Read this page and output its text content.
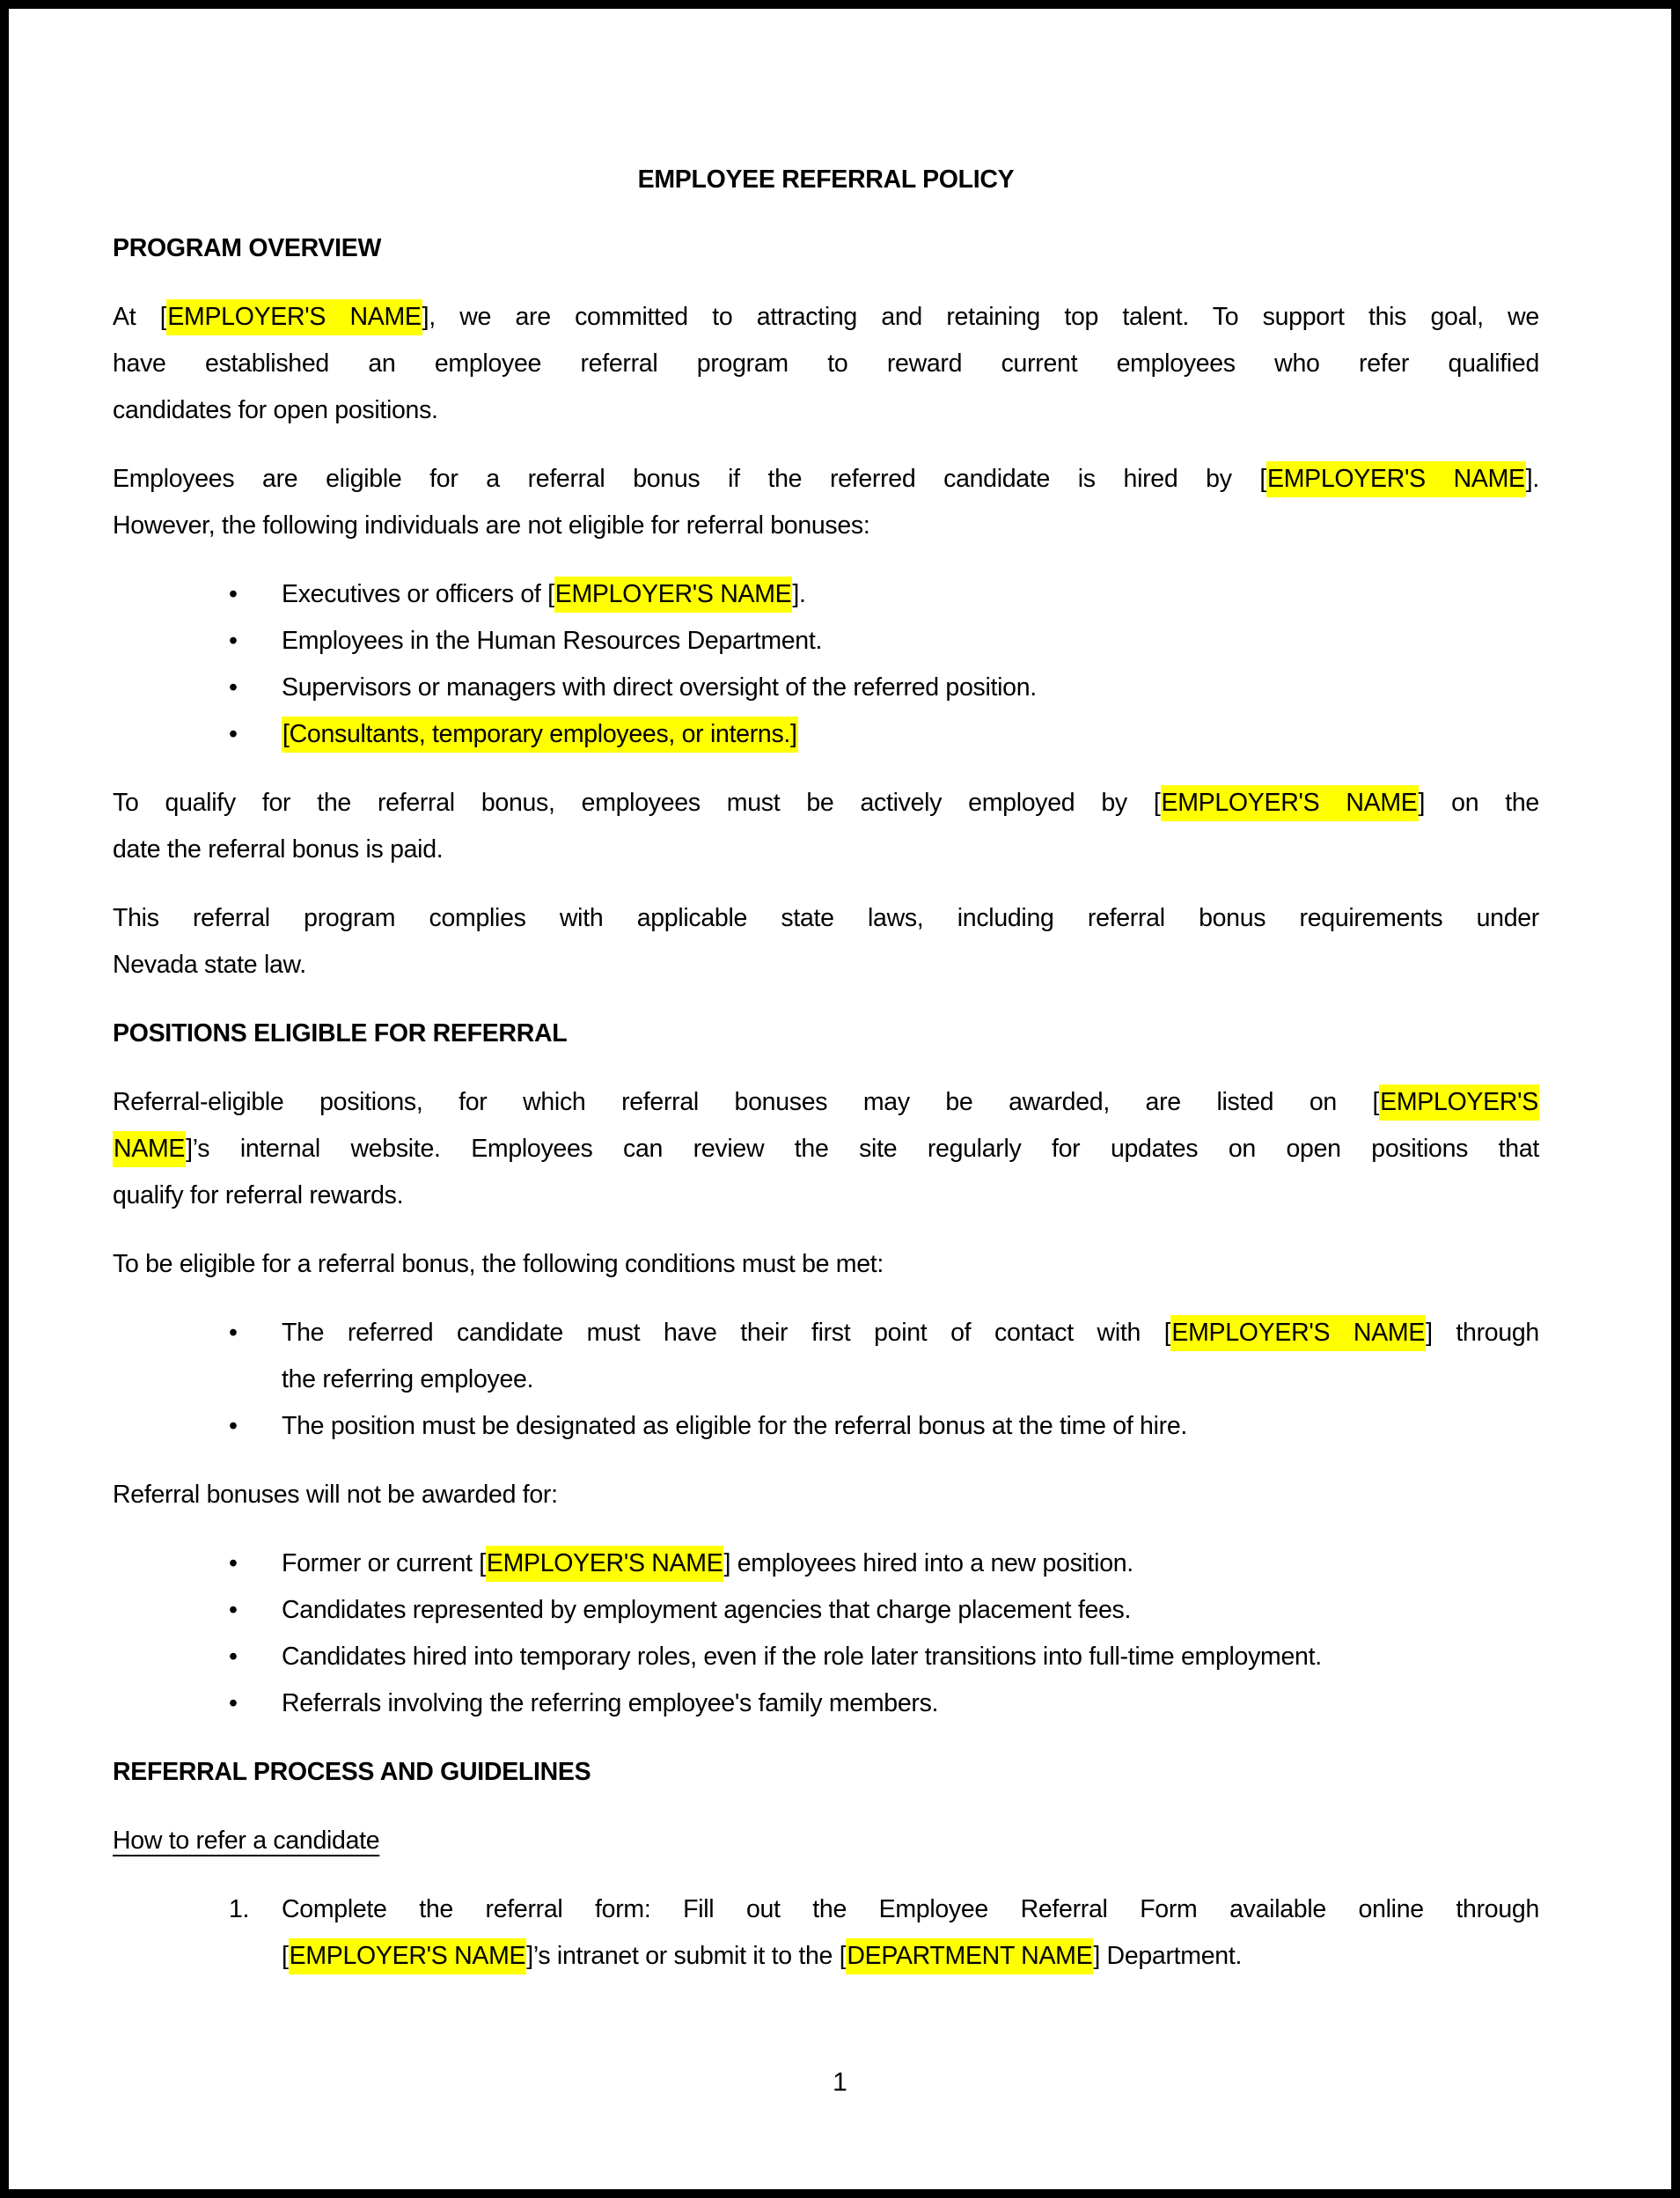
EMPLOYEE REFERRAL POLICY
PROGRAM OVERVIEW
At [EMPLOYER'S NAME], we are committed to attracting and retaining top talent. To support this goal, we
have established an employee referral program to reward current employees who refer qualified
candidates for open positions.
Employees are eligible for a referral bonus if the referred candidate is hired by [EMPLOYER'S NAME].
However, the following individuals are not eligible for referral bonuses:
•	Executives or officers of [EMPLOYER'S NAME].
•	Employees in the Human Resources Department.
•	Supervisors or managers with direct oversight of the referred position.
•	[Consultants, temporary employees, or interns.]
To qualify for the referral bonus, employees must be actively employed by [EMPLOYER'S NAME] on the
date the referral bonus is paid.
This referral program complies with applicable state laws, including referral bonus requirements under
Nevada state law.
POSITIONS ELIGIBLE FOR REFERRAL
Referral-eligible positions, for which referral bonuses may be awarded, are listed on [EMPLOYER'S
NAME]’s internal website. Employees can review the site regularly for updates on open positions that
qualify for referral rewards.
To be eligible for a referral bonus, the following conditions must be met:
•	The referred candidate must have their first point of contact with [EMPLOYER'S NAME] through
the referring employee.
•	The position must be designated as eligible for the referral bonus at the time of hire.
Referral bonuses will not be awarded for:
•	Former or current [EMPLOYER'S NAME] employees hired into a new position.
•	Candidates represented by employment agencies that charge placement fees.
•	Candidates hired into temporary roles, even if the role later transitions into full-time employment.
•	Referrals involving the referring employee's family members.
REFERRAL PROCESS AND GUIDELINES
How to refer a candidate
1.	Complete the referral form: Fill out the Employee Referral Form available online through
[EMPLOYER'S NAME]’s intranet or submit it to the [DEPARTMENT NAME] Department.
1
